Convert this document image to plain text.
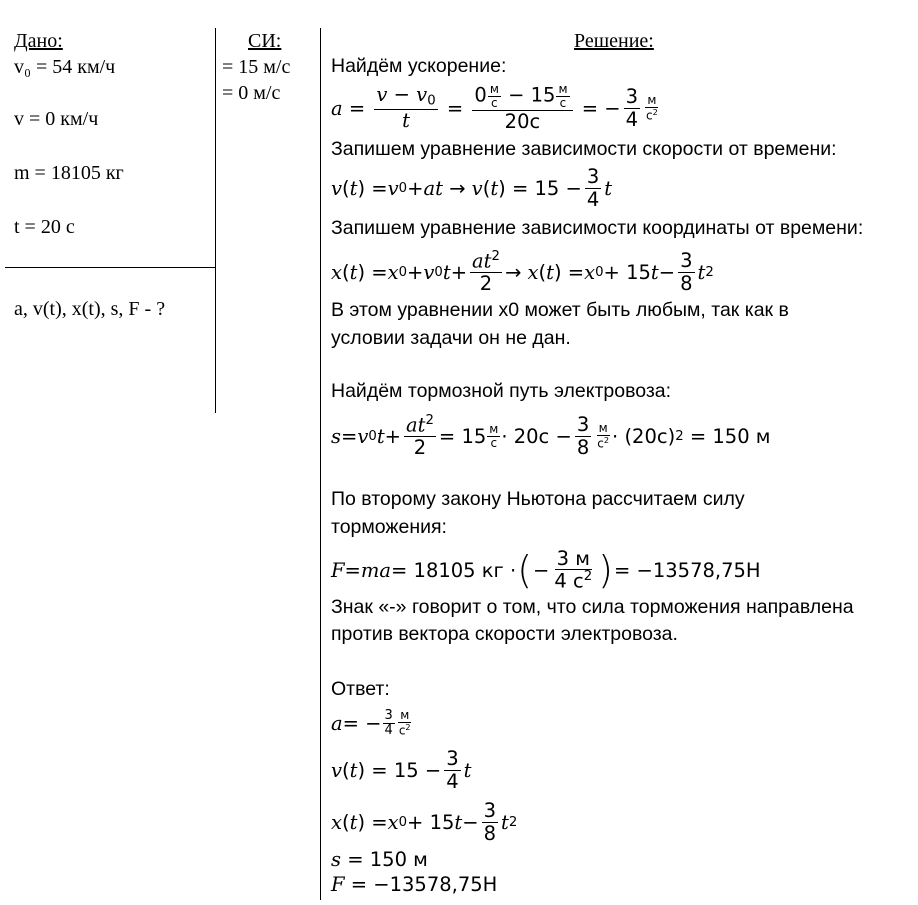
Дано:
v₀ = 54 км/ч
v = 0 км/ч
m = 18105 кг
t = 20 с
a, v(t), x(t), s, F - ?
СИ:
= 15 м/с
= 0 м/с
Решение:
Найдём ускорение:
$a = \frac{v - v_0}{t} = \frac{0 \frac{м}{с} - 15 \frac{м}{с}}{20с}$ = − $\frac{3}{4} \frac{м}{с^2}$
Запишем уравнение зависимости скорости от времени:
v ( t ) = v 0 + at → v ( t ) = $15 - \frac{3}{4}$ t
Запишем уравнение зависимости координаты от времени:
x ( t ) = x 0 + v 0 $t + \frac{at^2}{2} \to x$ ( t ) = x 0 + 15 $t - \frac{3}{8}$ t 2
В этом уравнении x0 может быть любым, так как в
условии задачи он не дан.
Найдём тормозной путь электровоза:
s = v 0 $t + \frac{at^2}{2} = 15 \frac{м}{с} \cdot 20с - \frac{3}{8} \frac{м}{с^2} \cdot (20с) 2 = 150$ м
По второму закону Ньютона рассчитаем силу
торможения:
F = ma = 18105 кг · ( − $\frac{3 м}{4 с^2}$ ) = −13578,75Н
Знак «-» говорит о том, что сила торможения направлена
против вектора скорости электровоза.
Ответ:
a = − $\frac{3}{4} \frac{м}{с^2}$
v ( t ) = $15 - \frac{3}{4}$ t
x ( t ) = x 0 + 15 $t - \frac{3}{8}$ t 2
s = 150 м
F = −13578,75Н
